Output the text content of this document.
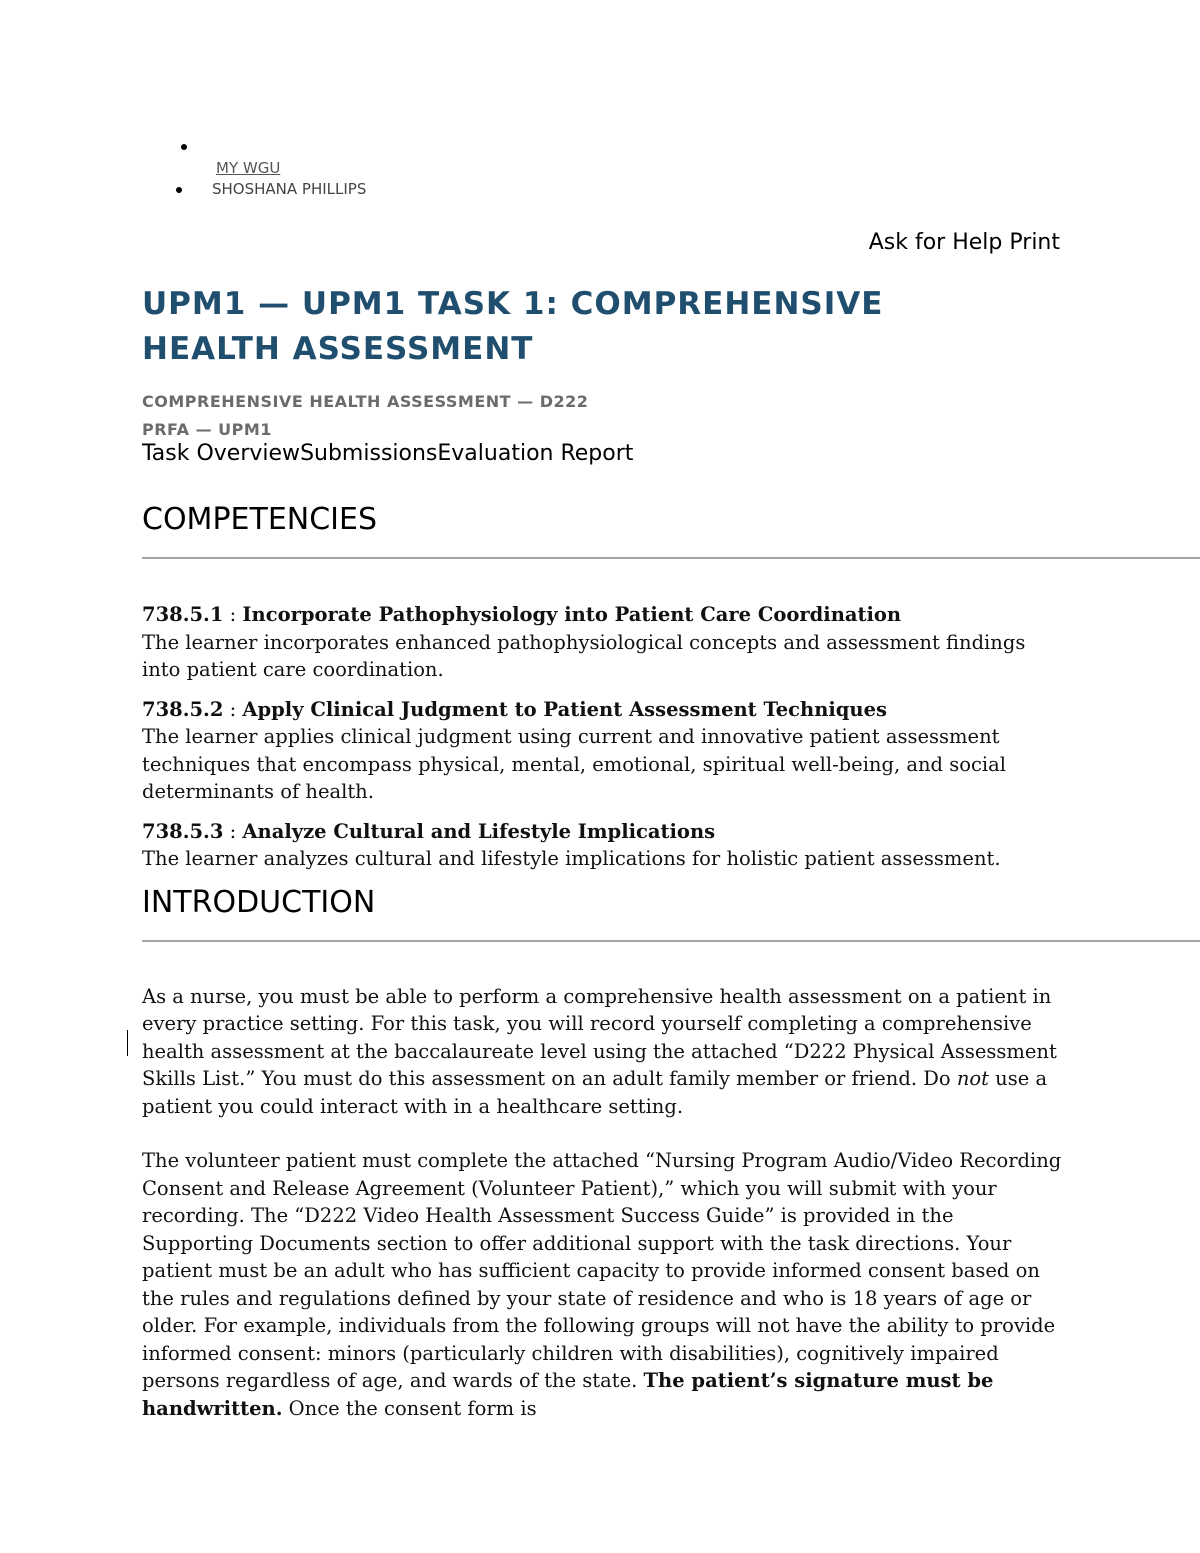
MY WGU
SHOSHANA PHILLIPS
Ask for Help Print
UPM1 — UPM1 TASK 1: COMPREHENSIVE
HEALTH ASSESSMENT
COMPREHENSIVE HEALTH ASSESSMENT — D222
PRFA — UPM1
Task OverviewSubmissionsEvaluation Report
COMPETENCIES
738.5.1 : Incorporate Pathophysiology into Patient Care Coordination

The learner incorporates enhanced pathophysiological concepts and assessment findings into patient care coordination.

738.5.2 : Apply Clinical Judgment to Patient Assessment Techniques

The learner applies clinical judgment using current and innovative patient assessment techniques that encompass physical, mental, emotional, spiritual well-being, and social determinants of health.

738.5.3 : Analyze Cultural and Lifestyle Implications

The learner analyzes cultural and lifestyle implications for holistic patient assessment.

INTRODUCTION

As a nurse, you must be able to perform a comprehensive health assessment on a patient in every practice setting. For this task, you will record yourself completing a comprehensive health assessment at the baccalaureate level using the attached “D222 Physical Assessment Skills List.” You must do this assessment on an adult family member or friend. Do not use a patient you could interact with in a healthcare setting.

The volunteer patient must complete the attached “Nursing Program Audio/Video Recording Consent and Release Agreement (Volunteer Patient),” which you will submit with your recording. The “D222 Video Health Assessment Success Guide” is provided in the Supporting Documents section to offer additional support with the task directions. Your patient must be an adult who has sufficient capacity to provide informed consent based on the rules and regulations defined by your state of residence and who is 18 years of age or older. For example, individuals from the following groups will not have the ability to provide informed consent: minors (particularly children with disabilities), cognitively impaired persons regardless of age, and wards of the state. The patient’s signature must be handwritten. Once the consent form is
